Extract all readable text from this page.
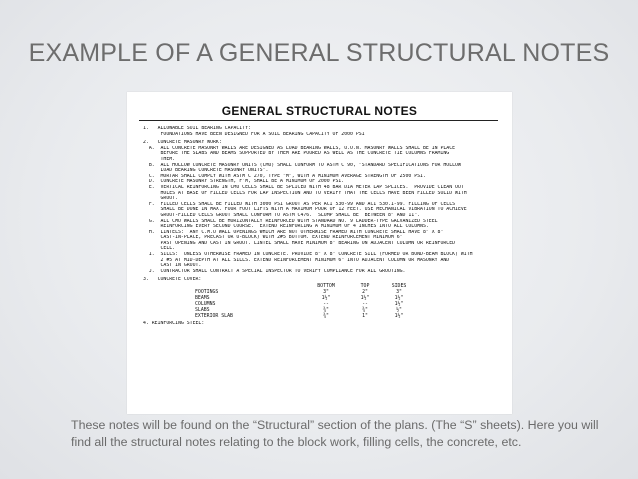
EXAMPLE OF A GENERAL STRUCTURAL NOTES
GENERAL STRUCTURAL NOTES
1.   ALLOWABLE SOIL BEARING CAPACITY:
FOUNDATIONS HAVE BEEN DESIGNED FOR A SOIL BEARING CAPACITY OF 2000 PSI
2.   CONCRETE MASONRY WORK:
A.  ALL CONCRETE MASONRY WALLS ARE DESIGNED AS LOAD BEARING WALLS, U.O.N. MASONRY WALLS SHALL BE IN PLACE
BEFORE THE SLABS AND BEAMS SUPPORTED BY THEM ARE POURED AS WELL AS THE CONCRETE TIE COLUMNS FRAMING
THEM.
B.  ALL HOLLOW CONCRETE MASONRY UNITS (CMU) SHALL CONFORM TO ASTM C 90, "STANDARD SPECIFICATIONS FOR HOLLOW
LOAD BEARING CONCRETE MASONRY UNITS".
C.  MORTAR SHALL COMPLY WITH ASTM C 270, TYPE "M", WITH A MINIMUM AVERAGE STRENGTH OF 2500 PSI.
D.  CONCRETE MASONRY STRENGTH, F'M, SHALL BE A MINIMUM OF 2000 PSI.
E.  VERTICAL REINFORCING IN CMU CELLS SHALL BE SPLICED WITH 48 BAR DIA METER LAP SPLICES.  PROVIDE CLEAN OUT
HOLES AT BASE OF FILLED CELLS FOR LAP INSPECTION AND TO VERIFY THAT THE CELLS HAVE BEEN FILLED SOLID WITH
GROUT.
F.  FILLED CELLS SHALL BE FILLED WITH 3000 PSI GROUT AS PER ACI 530-99 AND ACI 530.1-99. FILLING OF CELLS
SHALL BE DONE IN MAX. FOUR FOOT LIFTS WITH A MAXIMUM POUR OF 12 FEET. USE MECHANICAL VIBRATION TO ACHIEVE
GROUT-FILLED CELLS GROUT SHALL CONFORM TO ASTM C476.  SLUMP SHALL BE  BETWEEN 8" AND 11".
G.  ALL CMU WALLS SHALL BE HORIZONTALLY REINFORCED WITH STANDARD NO. 9 LADDER-TYPE GALVANIZED STEEL
REINFORCING EVERY SECOND COURSE.  EXTEND REINFORCING A MINIMUM OF 4 INCHES INTO ALL COLUMNS.
H.  LINTELS:  ANY C.M.U WALL OPENINGS WHICH ARE NOT OTHERWISE FRAMED WITH CONCRETE SHALL HAVE 8" X 8"
CAST-IN-PLACE, PRECAST OR U-BLOCK) WITH 2#5 BOTTOM. EXTEND REINFORCEMENT MINIMUM 6"
PAST OPENING AND CAST IN GROUT. LINTEL SHALL HAVE MINIMUM 8" BEARING ON ADJACENT COLUMN OR REINFORCED
CELL.
I.  SILLS:  UNLESS OTHERWISE FRAMED IN CONCRETE. PROVIDE 8" X 8" CONCRETE SILL (FORMED OR BOND-BEAM BLOCK) WITH
2 #5 AT MID-DEPTH AT ALL SILLS. EXTEND REINFORCEMENT MINIMUM 6" INTO ADJACENT COLUMN OR MASONRY AND
CAST IN GROUT.
J.  CONTRACTOR SHALL CONTRACT A SPECIAL INSPECTOR TO VERIFY COMPLIANCE FOR ALL GROUTING.
3.   CONCRETE COVER:
	BOTTOM	TOP	SIDES
FOOTINGS	3"	2"	3"
BEAMS	1½"	1½"	1½"
COLUMNS	--	--	1½"
SLABS	¾"	¾"	½"
EXTERIOR SLAB	¾"	1"	1½"
4. REINFORCING STEEL:
These notes will be found on the “Structural” section of the plans. (The “S” sheets). Here you will find all the structural notes relating to the block work, filling cells, the concrete, etc.
